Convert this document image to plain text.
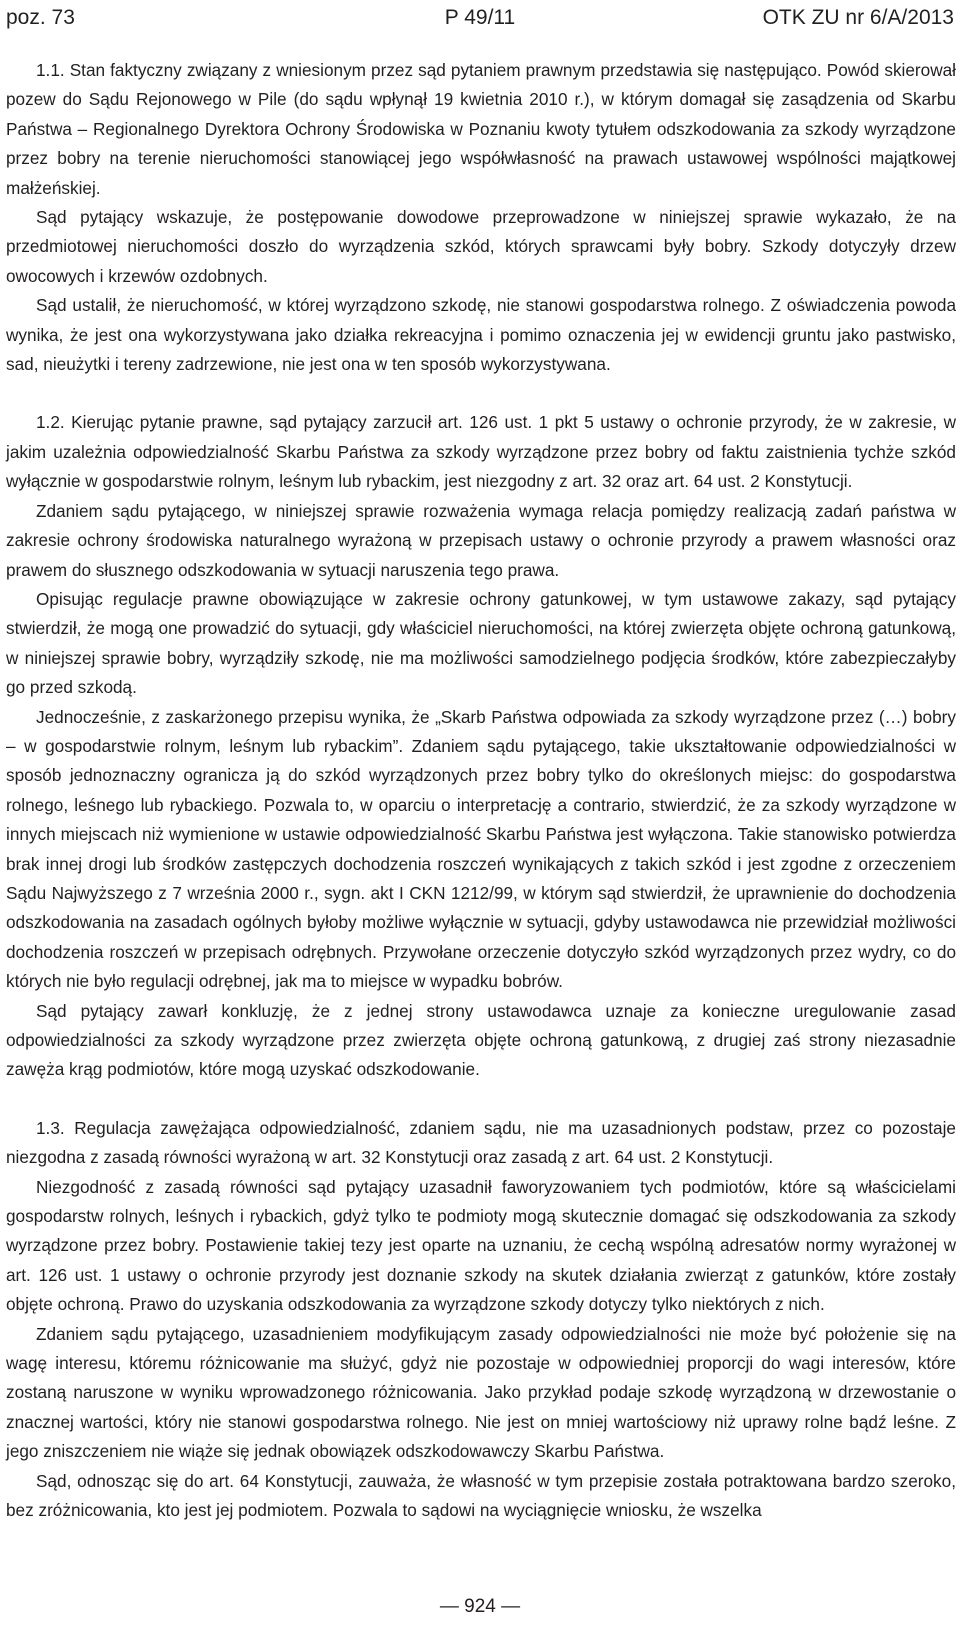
poz. 73	P 49/11	OTK ZU nr 6/A/2013

1.1. Stan faktyczny związany z wniesionym przez sąd pytaniem prawnym przedstawia się następująco. Powód skierował pozew do Sądu Rejonowego w Pile (do sądu wpłynął 19 kwietnia 2010 r.), w którym domagał się zasądzenia od Skarbu Państwa – Regionalnego Dyrektora Ochrony Środowiska w Poznaniu kwoty tytułem odszkodowania za szkody wyrządzone przez bobry na terenie nieruchomości stanowiącej jego współwłasność na prawach ustawowej wspólności majątkowej małżeńskiej.

Sąd pytający wskazuje, że postępowanie dowodowe przeprowadzone w niniejszej sprawie wykazało, że na przedmiotowej nieruchomości doszło do wyrządzenia szkód, których sprawcami były bobry. Szkody dotyczyły drzew owocowych i krzewów ozdobnych.

Sąd ustalił, że nieruchomość, w której wyrządzono szkodę, nie stanowi gospodarstwa rolnego. Z oświadczenia powoda wynika, że jest ona wykorzystywana jako działka rekreacyjna i pomimo oznaczenia jej w ewidencji gruntu jako pastwisko, sad, nieużytki i tereny zadrzewione, nie jest ona w ten sposób wykorzystywana.

1.2. Kierując pytanie prawne, sąd pytający zarzucił art. 126 ust. 1 pkt 5 ustawy o ochronie przyrody, że w zakresie, w jakim uzależnia odpowiedzialność Skarbu Państwa za szkody wyrządzone przez bobry od faktu zaistnienia tychże szkód wyłącznie w gospodarstwie rolnym, leśnym lub rybackim, jest niezgodny z art. 32 oraz art. 64 ust. 2 Konstytucji.

Zdaniem sądu pytającego, w niniejszej sprawie rozważenia wymaga relacja pomiędzy realizacją zadań państwa w zakresie ochrony środowiska naturalnego wyrażoną w przepisach ustawy o ochronie przyrody a prawem własności oraz prawem do słusznego odszkodowania w sytuacji naruszenia tego prawa.

Opisując regulacje prawne obowiązujące w zakresie ochrony gatunkowej, w tym ustawowe zakazy, sąd pytający stwierdził, że mogą one prowadzić do sytuacji, gdy właściciel nieruchomości, na której zwierzęta objęte ochroną gatunkową, w niniejszej sprawie bobry, wyrządziły szkodę, nie ma możliwości samodzielnego podjęcia środków, które zabezpieczałyby go przed szkodą.

Jednocześnie, z zaskarżonego przepisu wynika, że „Skarb Państwa odpowiada za szkody wyrządzone przez (…) bobry – w gospodarstwie rolnym, leśnym lub rybackim”. Zdaniem sądu pytającego, takie ukształtowanie odpowiedzialności w sposób jednoznaczny ogranicza ją do szkód wyrządzonych przez bobry tylko do określonych miejsc: do gospodarstwa rolnego, leśnego lub rybackiego. Pozwala to, w oparciu o interpretację a contrario, stwierdzić, że za szkody wyrządzone w innych miejscach niż wymienione w ustawie odpowiedzialność Skarbu Państwa jest wyłączona. Takie stanowisko potwierdza brak innej drogi lub środków zastępczych dochodzenia roszczeń wynikających z takich szkód i jest zgodne z orzeczeniem Sądu Najwyższego z 7 września 2000 r., sygn. akt I CKN 1212/99, w którym sąd stwierdził, że uprawnienie do dochodzenia odszkodowania na zasadach ogólnych byłoby możliwe wyłącznie w sytuacji, gdyby ustawodawca nie przewidział możliwości dochodzenia roszczeń w przepisach odrębnych. Przywołane orzeczenie dotyczyło szkód wyrządzonych przez wydry, co do których nie było regulacji odrębnej, jak ma to miejsce w wypadku bobrów.

Sąd pytający zawarł konkluzję, że z jednej strony ustawodawca uznaje za konieczne uregulowanie zasad odpowiedzialności za szkody wyrządzone przez zwierzęta objęte ochroną gatunkową, z drugiej zaś strony niezasadnie zawęża krąg podmiotów, które mogą uzyskać odszkodowanie.

1.3. Regulacja zawężająca odpowiedzialność, zdaniem sądu, nie ma uzasadnionych podstaw, przez co pozostaje niezgodna z zasadą równości wyrażoną w art. 32 Konstytucji oraz zasadą z art. 64 ust. 2 Konstytucji.

Niezgodność z zasadą równości sąd pytający uzasadnił faworyzowaniem tych podmiotów, które są właścicielami gospodarstw rolnych, leśnych i rybackich, gdyż tylko te podmioty mogą skutecznie domagać się odszkodowania za szkody wyrządzone przez bobry. Postawienie takiej tezy jest oparte na uznaniu, że cechą wspólną adresatów normy wyrażonej w art. 126 ust. 1 ustawy o ochronie przyrody jest doznanie szkody na skutek działania zwierząt z gatunków, które zostały objęte ochroną. Prawo do uzyskania odszkodowania za wyrządzone szkody dotyczy tylko niektórych z nich.

Zdaniem sądu pytającego, uzasadnieniem modyfikującym zasady odpowiedzialności nie może być położenie się na wagę interesu, któremu różnicowanie ma służyć, gdyż nie pozostaje w odpowiedniej proporcji do wagi interesów, które zostaną naruszone w wyniku wprowadzonego różnicowania. Jako przykład podaje szkodę wyrządzoną w drzewostanie o znacznej wartości, który nie stanowi gospodarstwa rolnego. Nie jest on mniej wartościowy niż uprawy rolne bądź leśne. Z jego zniszczeniem nie wiąże się jednak obowiązek odszkodowawczy Skarbu Państwa.

Sąd, odnosząc się do art. 64 Konstytucji, zauważa, że własność w tym przepisie została potraktowana bardzo szeroko, bez zróżnicowania, kto jest jej podmiotem. Pozwala to sądowi na wyciągnięcie wniosku, że wszelka

— 924 —
